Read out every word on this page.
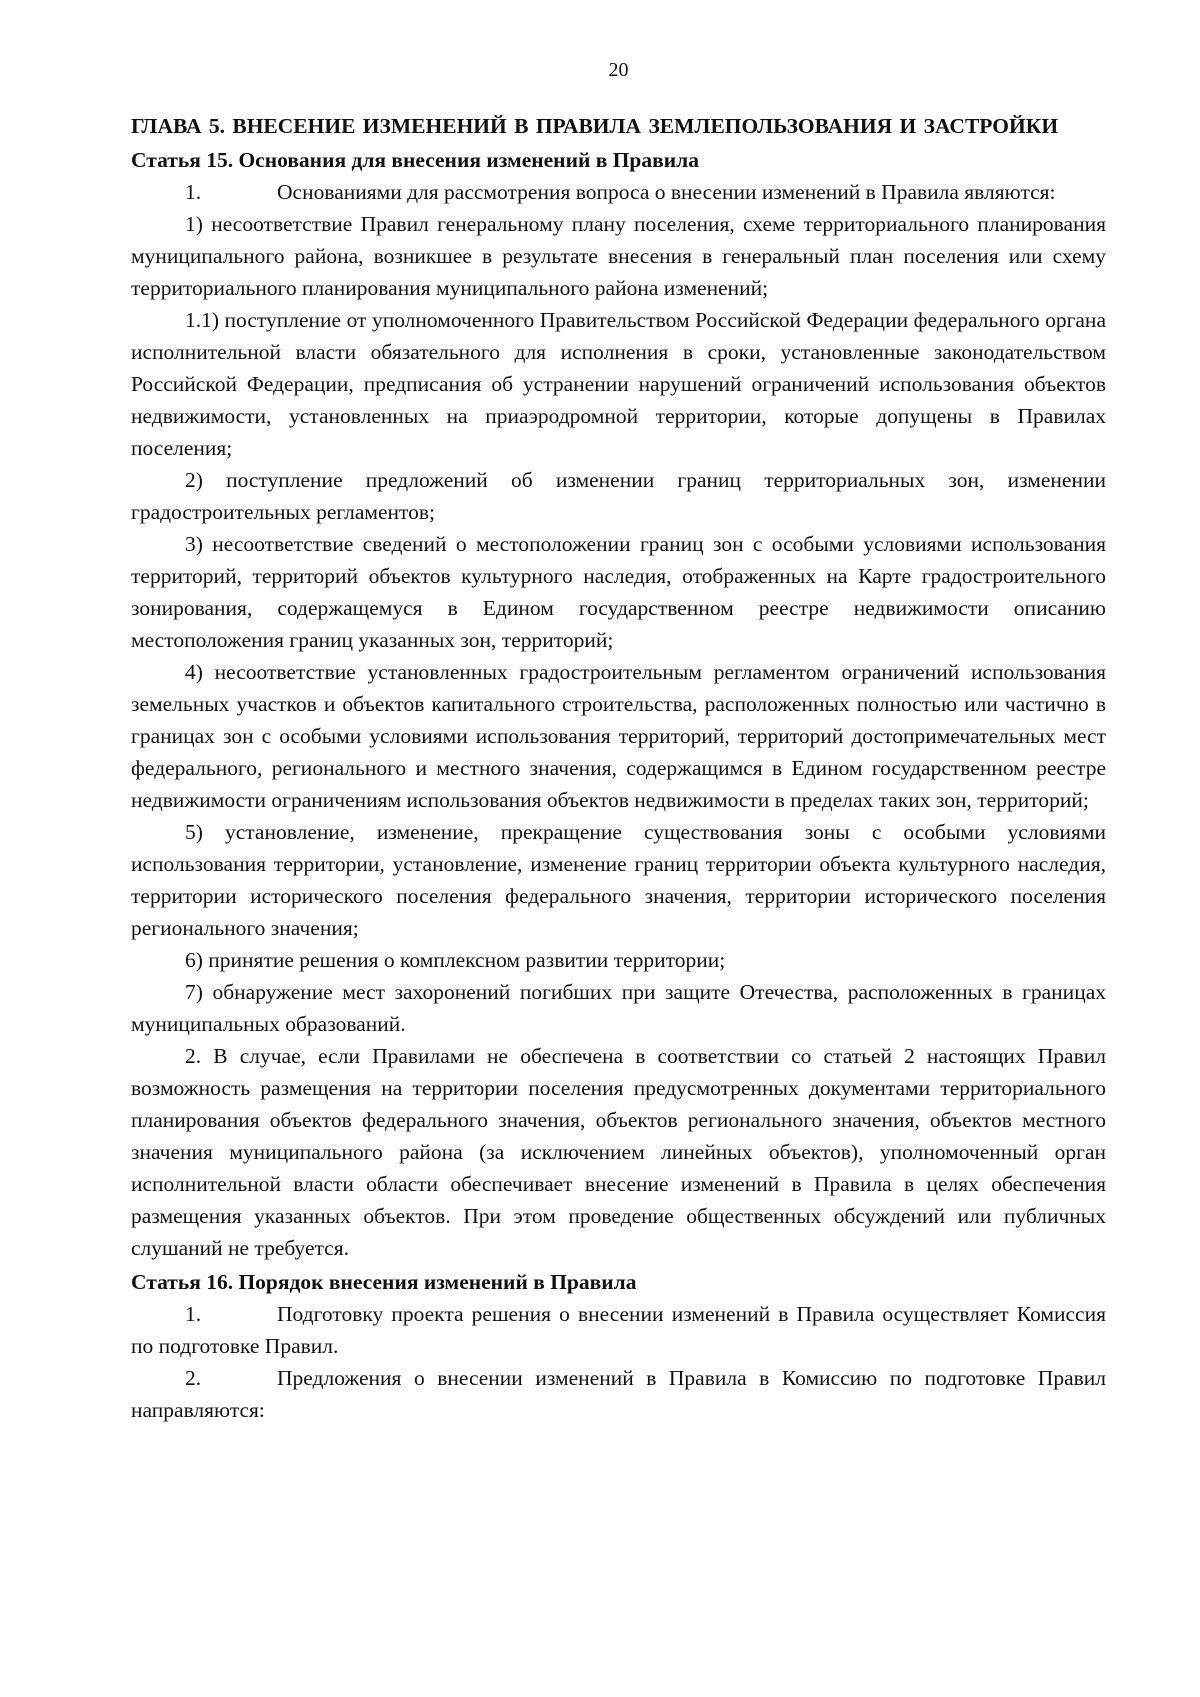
20

ГЛАВА 5. ВНЕСЕНИЕ ИЗМЕНЕНИЙ В ПРАВИЛА ЗЕМЛЕПОЛЬЗОВАНИЯ И ЗАСТРОЙКИ

Статья 15. Основания для внесения изменений в Правила

1.	Основаниями для рассмотрения вопроса о внесении изменений в Правила являются:

1) несоответствие Правил генеральному плану поселения, схеме территориального планирования муниципального района, возникшее в результате внесения в генеральный план поселения или схему территориального планирования муниципального района изменений;

1.1) поступление от уполномоченного Правительством Российской Федерации федерального органа исполнительной власти обязательного для исполнения в сроки, установленные законодательством Российской Федерации, предписания об устранении нарушений ограничений использования объектов недвижимости, установленных на приаэродромной территории, которые допущены в Правилах поселения;

2) поступление предложений об изменении границ территориальных зон, изменении градостроительных регламентов;

3) несоответствие сведений о местоположении границ зон с особыми условиями использования территорий, территорий объектов культурного наследия, отображенных на Карте градостроительного зонирования, содержащемуся в Едином государственном реестре недвижимости описанию местоположения границ указанных зон, территорий;

4) несоответствие установленных градостроительным регламентом ограничений использования земельных участков и объектов капитального строительства, расположенных полностью или частично в границах зон с особыми условиями использования территорий, территорий достопримечательных мест федерального, регионального и местного значения, содержащимся в Едином государственном реестре недвижимости ограничениям использования объектов недвижимости в пределах таких зон, территорий;

5) установление, изменение, прекращение существования зоны с особыми условиями использования территории, установление, изменение границ территории объекта культурного наследия, территории исторического поселения федерального значения, территории исторического поселения регионального значения;

6) принятие решения о комплексном развитии территории;

7) обнаружение мест захоронений погибших при защите Отечества, расположенных в границах муниципальных образований.

2. В случае, если Правилами не обеспечена в соответствии со статьей 2 настоящих Правил возможность размещения на территории поселения предусмотренных документами территориального планирования объектов федерального значения, объектов регионального значения, объектов местного значения муниципального района (за исключением линейных объектов), уполномоченный орган исполнительной власти области обеспечивает внесение изменений в Правила в целях обеспечения размещения указанных объектов. При этом проведение общественных обсуждений или публичных слушаний не требуется.

Статья 16. Порядок внесения изменений в Правила

1.	Подготовку проекта решения о внесении изменений в Правила осуществляет Комиссия по подготовке Правил.

2.	Предложения о внесении изменений в Правила в Комиссию по подготовке Правил направляются:
